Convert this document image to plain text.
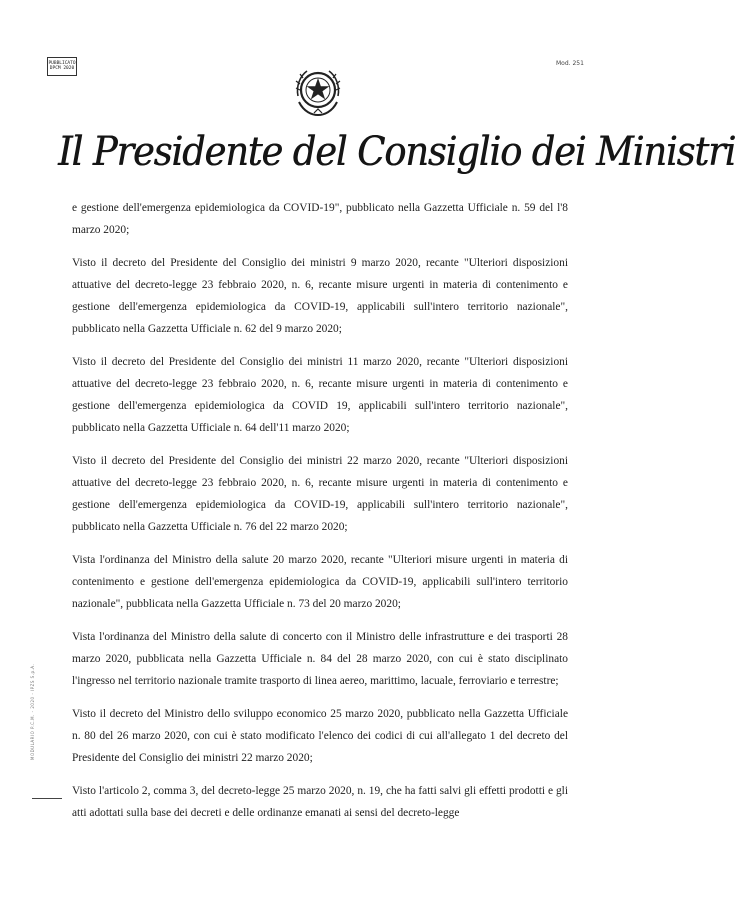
PUBBLICATO
DPCM 2020
Mod. 251
Il Presidente del Consiglio dei Ministri

e gestione dell'emergenza epidemiologica da COVID-19", pubblicato nella Gazzetta Ufficiale n. 59 del l'8 marzo 2020;

Visto il decreto del Presidente del Consiglio dei ministri 9 marzo 2020, recante "Ulteriori disposizioni attuative del decreto-legge 23 febbraio 2020, n. 6, recante misure urgenti in materia di contenimento e gestione dell'emergenza epidemiologica da COVID-19, applicabili sull'intero territorio nazionale", pubblicato nella Gazzetta Ufficiale n. 62 del 9 marzo 2020;

Visto il decreto del Presidente del Consiglio dei ministri 11 marzo 2020, recante "Ulteriori disposizioni attuative del decreto-legge 23 febbraio 2020, n. 6, recante misure urgenti in materia di contenimento e gestione dell'emergenza epidemiologica da COVID 19, applicabili sull'intero territorio nazionale", pubblicato nella Gazzetta Ufficiale n. 64 dell'11 marzo 2020;

Visto il decreto del Presidente del Consiglio dei ministri 22 marzo 2020, recante "Ulteriori disposizioni attuative del decreto-legge 23 febbraio 2020, n. 6, recante misure urgenti in materia di contenimento e gestione dell'emergenza epidemiologica da COVID-19, applicabili sull'intero territorio nazionale", pubblicato nella Gazzetta Ufficiale n. 76 del 22 marzo 2020;

Vista l'ordinanza del Ministro della salute 20 marzo 2020, recante "Ulteriori misure urgenti in materia di contenimento e gestione dell'emergenza epidemiologica da COVID-19, applicabili sull'intero territorio nazionale", pubblicata nella Gazzetta Ufficiale n. 73 del 20 marzo 2020;

Vista l'ordinanza del Ministro della salute di concerto con il Ministro delle infrastrutture e dei trasporti 28 marzo 2020, pubblicata nella Gazzetta Ufficiale n. 84 del 28 marzo 2020, con cui è stato disciplinato l'ingresso nel territorio nazionale tramite trasporto di linea aereo, marittimo, lacuale, ferroviario e terrestre;

Visto il decreto del Ministro dello sviluppo economico 25 marzo 2020, pubblicato nella Gazzetta Ufficiale n. 80 del 26 marzo 2020, con cui è stato modificato l'elenco dei codici di cui all'allegato 1 del decreto del Presidente del Consiglio dei ministri 22 marzo 2020;

Visto l'articolo 2, comma 3, del decreto-legge 25 marzo 2020, n. 19, che ha fatti salvi gli effetti prodotti e gli atti adottati sulla base dei decreti e delle ordinanze emanati ai sensi del decreto-legge

MODULARIO P.C.M. - 2020 - IPZS S.p.A.
